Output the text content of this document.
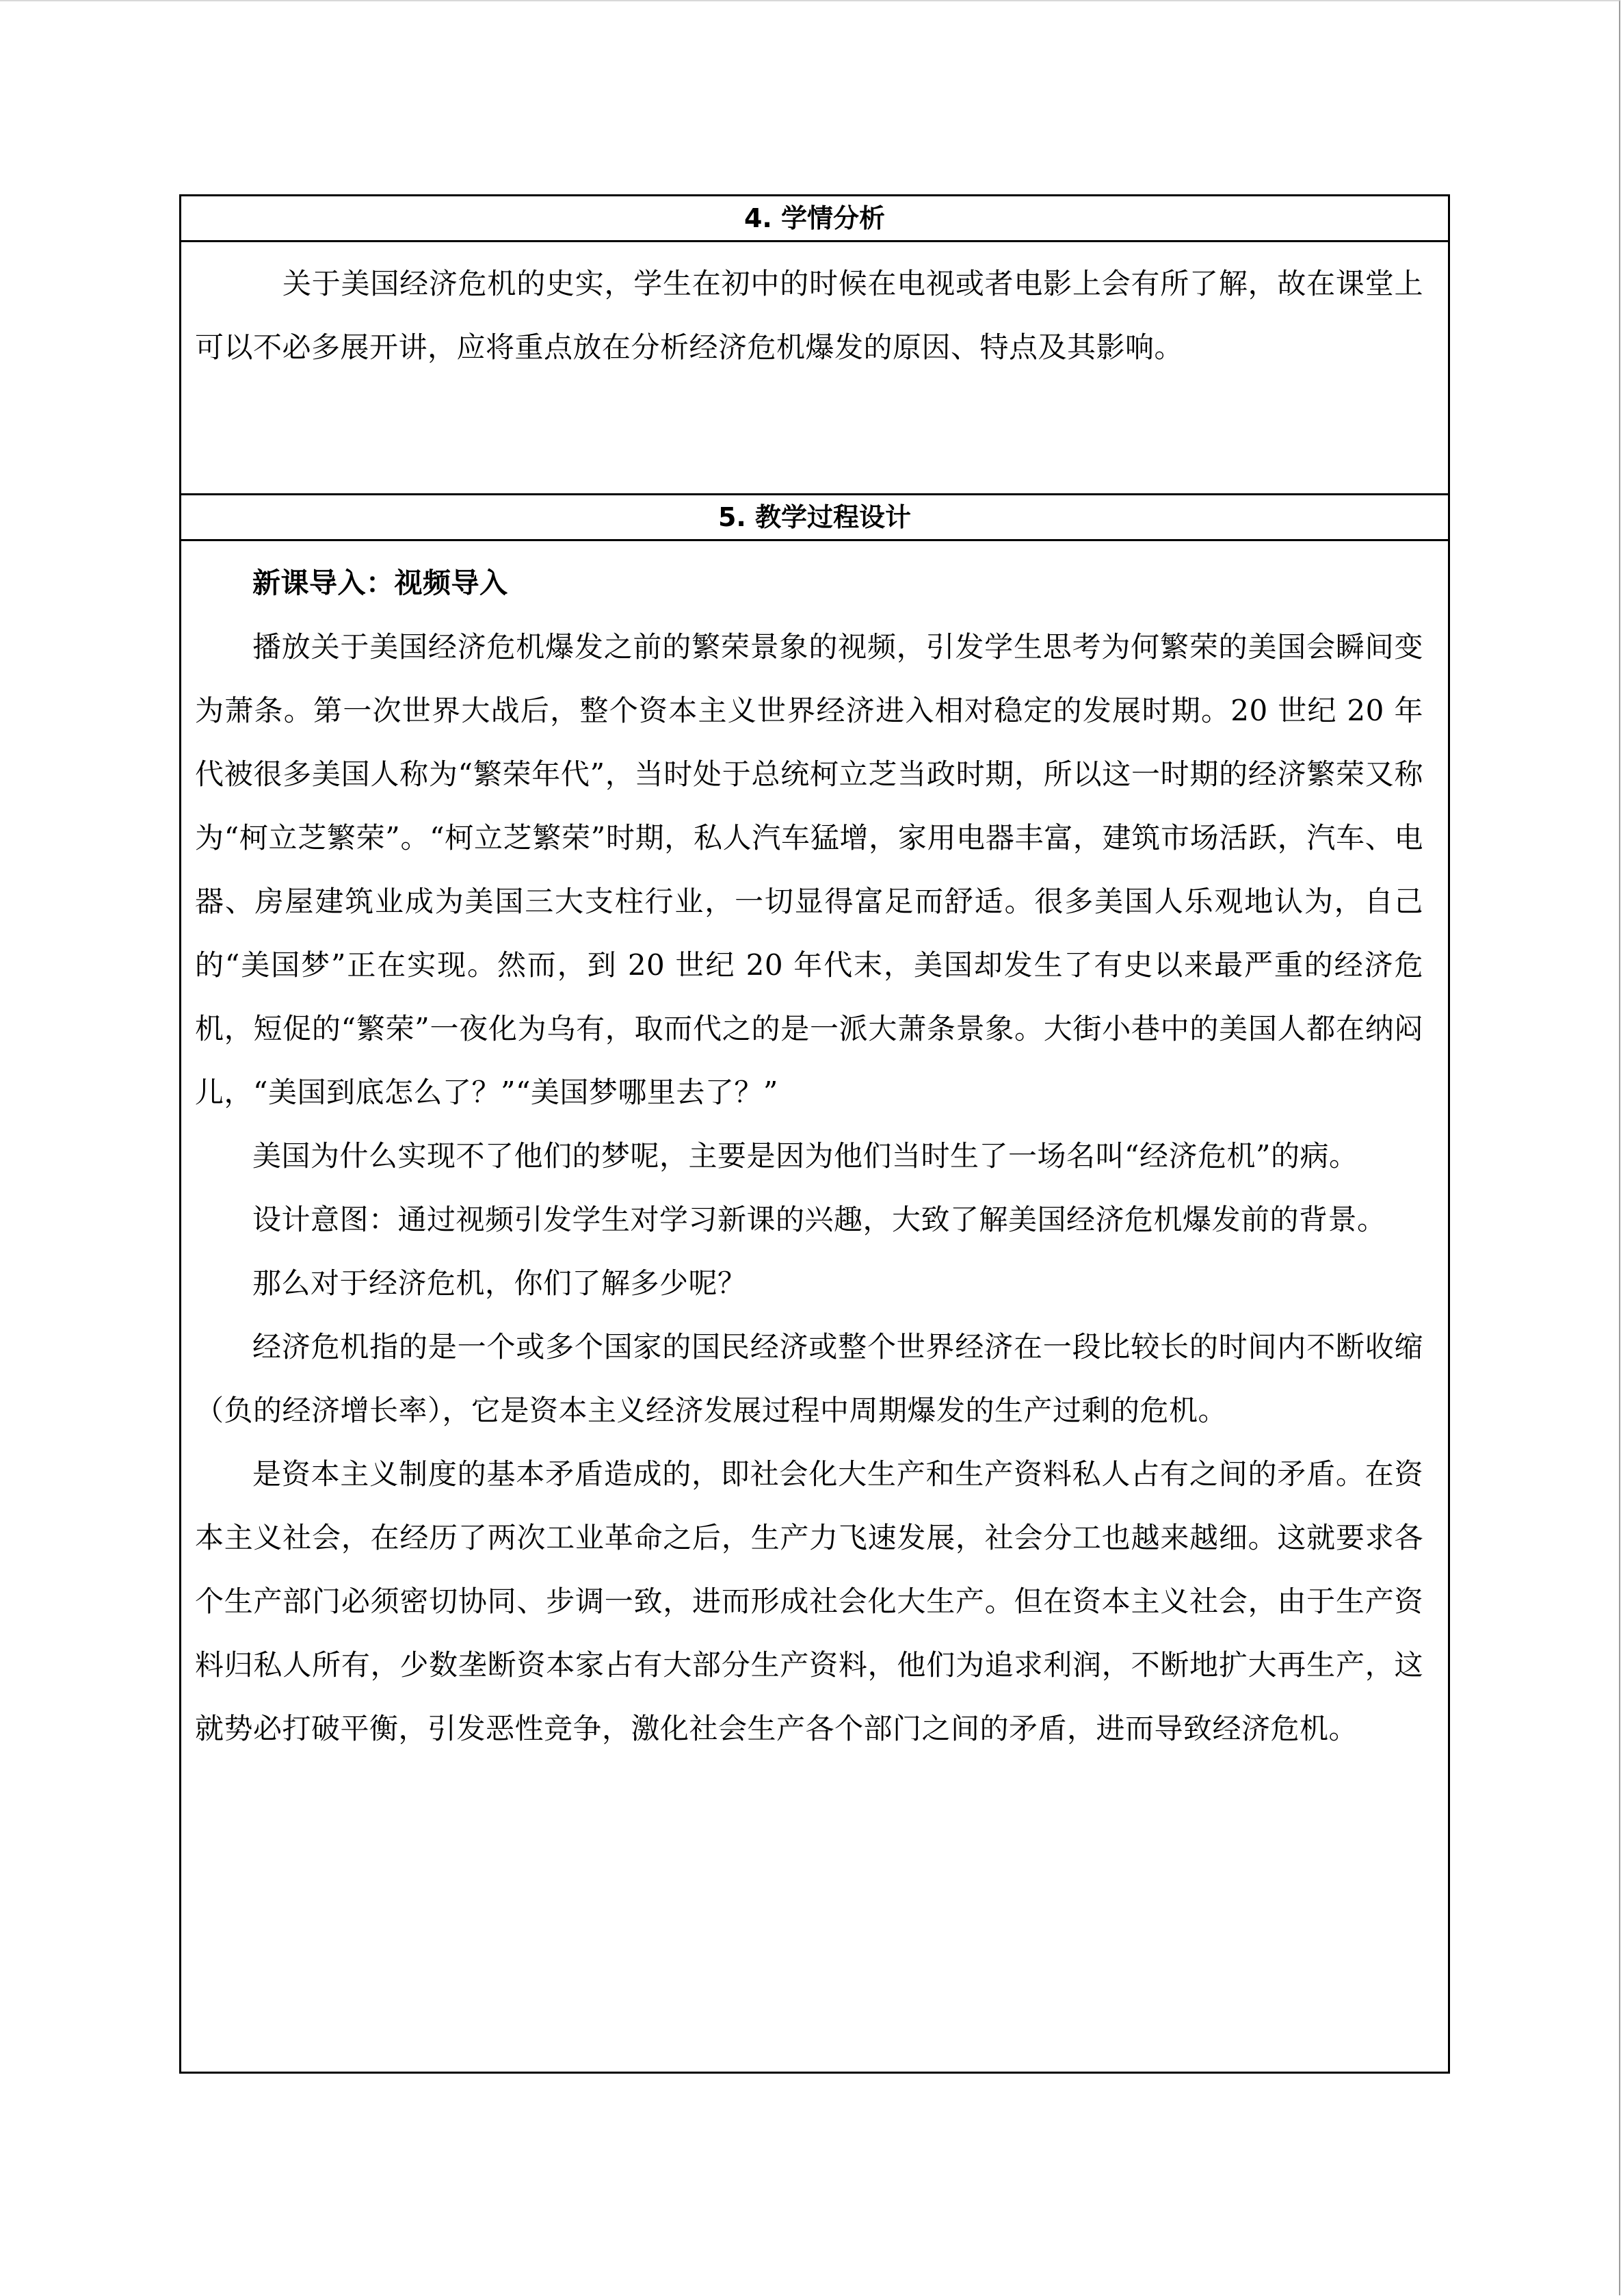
4. 学情分析

关于美国经济危机的史实，学生在初中的时候在电视或者电影上会有所了解，故在课堂上可以不必多展开讲，应将重点放在分析经济危机爆发的原因、特点及其影响。

5. 教学过程设计

新课导入：视频导入

播放关于美国经济危机爆发之前的繁荣景象的视频，引发学生思考为何繁荣的美国会瞬间变为萧条。第一次世界大战后，整个资本主义世界经济进入相对稳定的发展时期。20 世纪 20 年代被很多美国人称为“繁荣年代”，当时处于总统柯立芝当政时期，所以这一时期的经济繁荣又称为“柯立芝繁荣”。“柯立芝繁荣”时期，私人汽车猛增，家用电器丰富，建筑市场活跃，汽车、电器、房屋建筑业成为美国三大支柱行业，一切显得富足而舒适。很多美国人乐观地认为，自己的“美国梦”正在实现。然而，到 20 世纪 20 年代末，美国却发生了有史以来最严重的经济危机，短促的“繁荣”一夜化为乌有，取而代之的是一派大萧条景象。大街小巷中的美国人都在纳闷儿，“美国到底怎么了？”“美国梦哪里去了？”

美国为什么实现不了他们的梦呢，主要是因为他们当时生了一场名叫“经济危机”的病。

设计意图：通过视频引发学生对学习新课的兴趣，大致了解美国经济危机爆发前的背景。

那么对于经济危机，你们了解多少呢？

经济危机指的是一个或多个国家的国民经济或整个世界经济在一段比较长的时间内不断收缩（负的经济增长率），它是资本主义经济发展过程中周期爆发的生产过剩的危机。

是资本主义制度的基本矛盾造成的，即社会化大生产和生产资料私人占有之间的矛盾。在资本主义社会，在经历了两次工业革命之后，生产力飞速发展，社会分工也越来越细。这就要求各个生产部门必须密切协同、步调一致，进而形成社会化大生产。但在资本主义社会，由于生产资料归私人所有，少数垄断资本家占有大部分生产资料，他们为追求利润，不断地扩大再生产，这就势必打破平衡，引发恶性竞争，激化社会生产各个部门之间的矛盾，进而导致经济危机。
